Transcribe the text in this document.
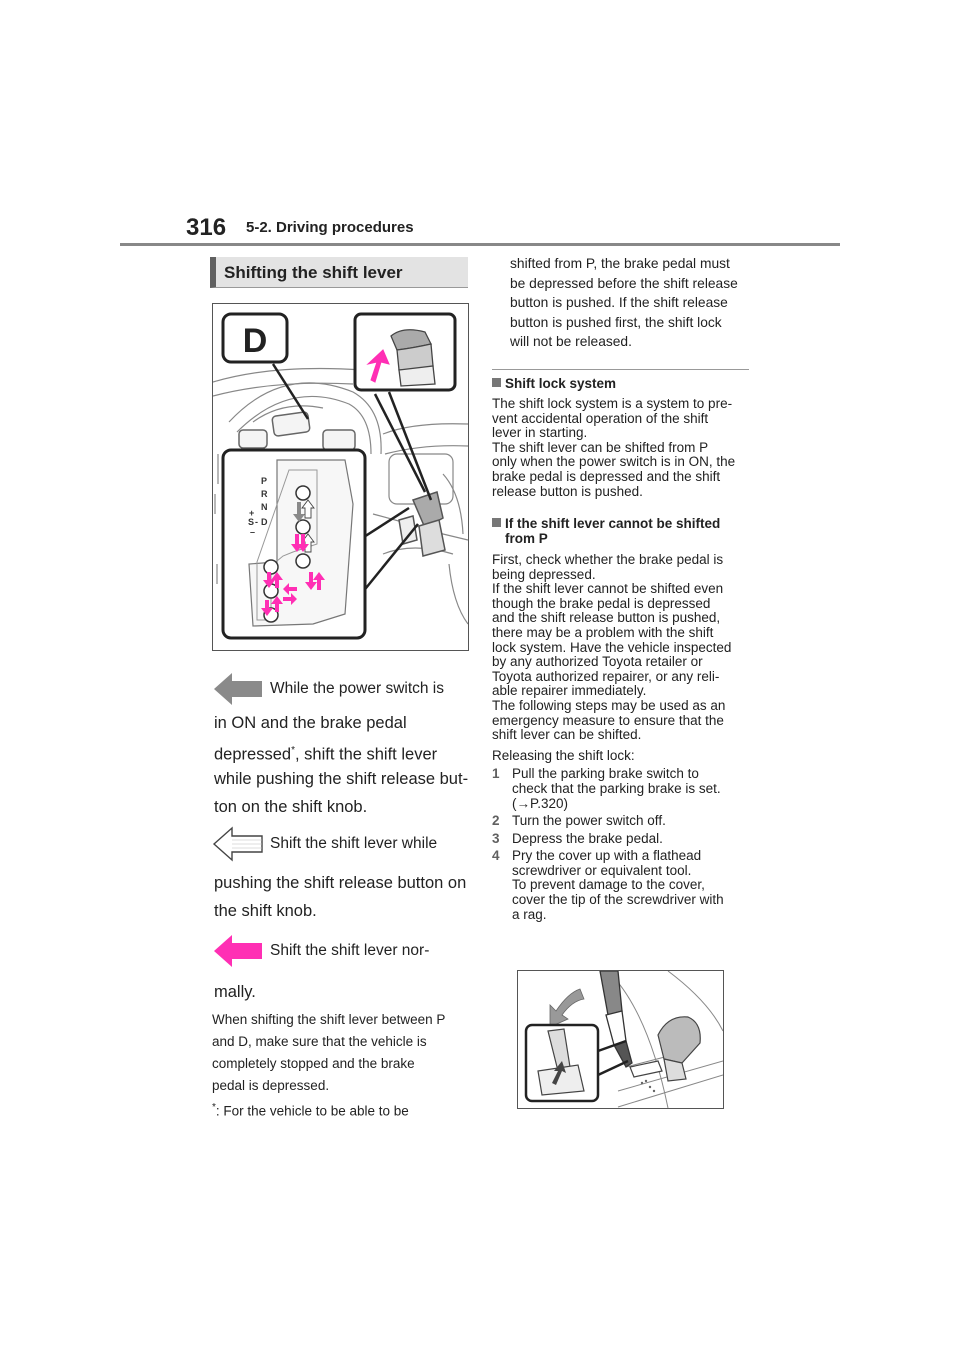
316 5-2. Driving procedures
Shifting the shift lever
D
P
R
N
+
S - D
–
While the power switch is
in ON and the brake pedal
depressed*, shift the shift lever
while pushing the shift release but-
ton on the shift knob.
Shift the shift lever while
pushing the shift release button on
the shift knob.
Shift the shift lever nor-
mally.
When shifting the shift lever between P
and D, make sure that the vehicle is
completely stopped and the brake
pedal is depressed.
*: For the vehicle to be able to be
shifted from P, the brake pedal must
be depressed before the shift release
button is pushed. If the shift release
button is pushed first, the shift lock
will not be released.
Shift lock system
The shift lock system is a system to pre-
vent accidental operation of the shift
lever in starting.
The shift lever can be shifted from P
only when the power switch is in ON, the
brake pedal is depressed and the shift
release button is pushed.
If the shift lever cannot be shifted
from P
First, check whether the brake pedal is
being depressed.
If the shift lever cannot be shifted even
though the brake pedal is depressed
and the shift release button is pushed,
there may be a problem with the shift
lock system. Have the vehicle inspected
by any authorized Toyota retailer or
Toyota authorized repairer, or any reli-
able repairer immediately.
The following steps may be used as an
emergency measure to ensure that the
shift lever can be shifted.
Releasing the shift lock:
1 Pull the parking brake switch to
check that the parking brake is set.
(→P.320)
2 Turn the power switch off.
3 Depress the brake pedal.
4 Pry the cover up with a flathead
screwdriver or equivalent tool.
To prevent damage to the cover,
cover the tip of the screwdriver with
a rag.
